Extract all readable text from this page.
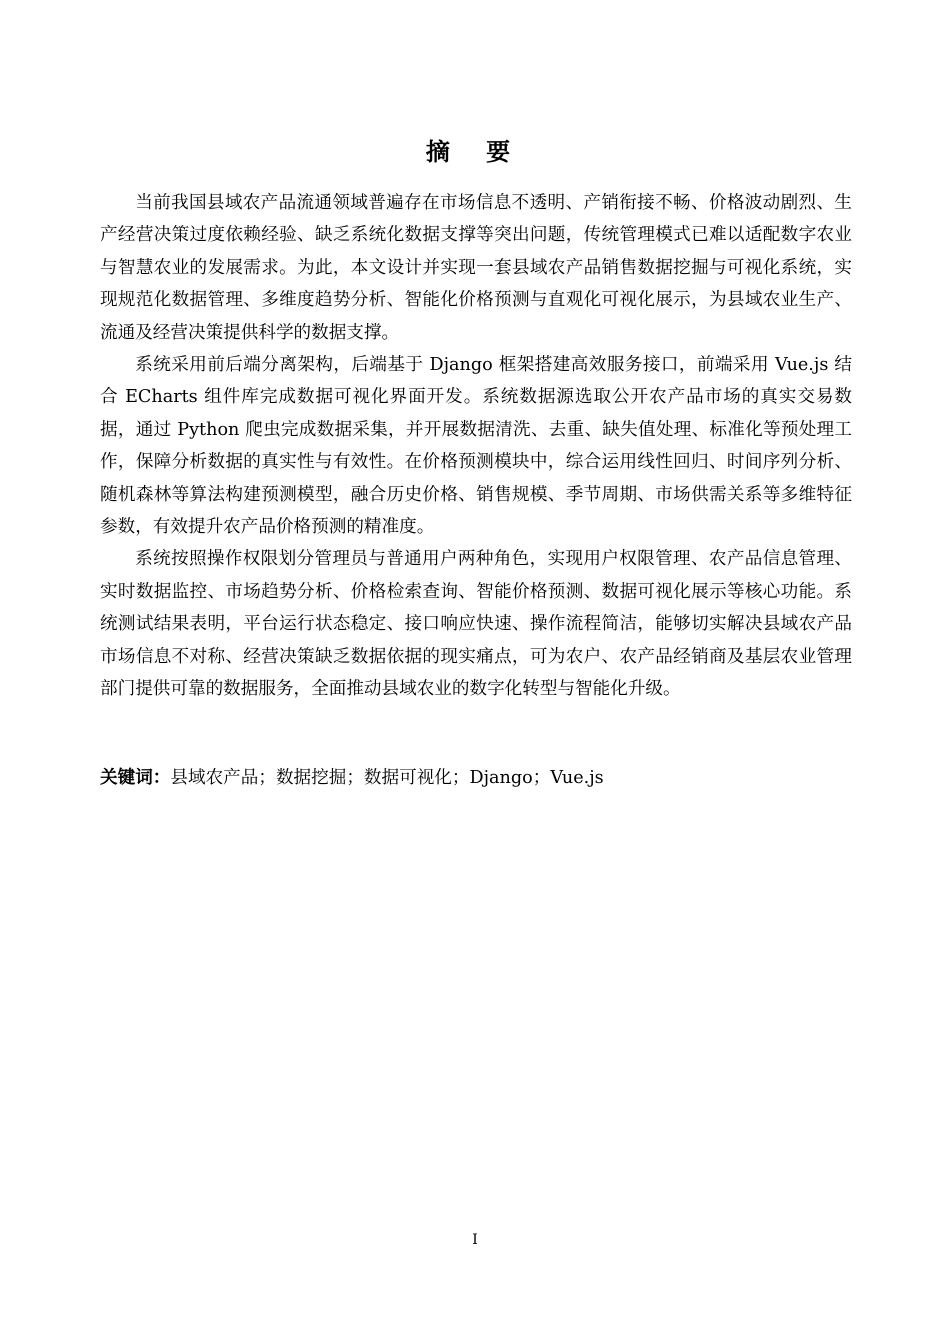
摘 要

当前我国县域农产品流通领域普遍存在市场信息不透明、产销衔接不畅、价格波动剧烈、生产经营决策过度依赖经验、缺乏系统化数据支撑等突出问题，传统管理模式已难以适配数字农业与智慧农业的发展需求。为此，本文设计并实现一套县域农产品销售数据挖掘与可视化系统，实现规范化数据管理、多维度趋势分析、智能化价格预测与直观化可视化展示，为县域农业生产、流通及经营决策提供科学的数据支撑。

系统采用前后端分离架构，后端基于 Django 框架搭建高效服务接口，前端采用 Vue.js 结合 ECharts 组件库完成数据可视化界面开发。系统数据源选取公开农产品市场的真实交易数据，通过 Python 爬虫完成数据采集，并开展数据清洗、去重、缺失值处理、标准化等预处理工作，保障分析数据的真实性与有效性。在价格预测模块中，综合运用线性回归、时间序列分析、随机森林等算法构建预测模型，融合历史价格、销售规模、季节周期、市场供需关系等多维特征参数，有效提升农产品价格预测的精准度。

系统按照操作权限划分管理员与普通用户两种角色，实现用户权限管理、农产品信息管理、实时数据监控、市场趋势分析、价格检索查询、智能价格预测、数据可视化展示等核心功能。系统测试结果表明，平台运行状态稳定、接口响应快速、操作流程简洁，能够切实解决县域农产品市场信息不对称、经营决策缺乏数据依据的现实痛点，可为农户、农产品经销商及基层农业管理部门提供可靠的数据服务，全面推动县域农业的数字化转型与智能化升级。

关键词：县域农产品；数据挖掘；数据可视化；Django；Vue.js
I
